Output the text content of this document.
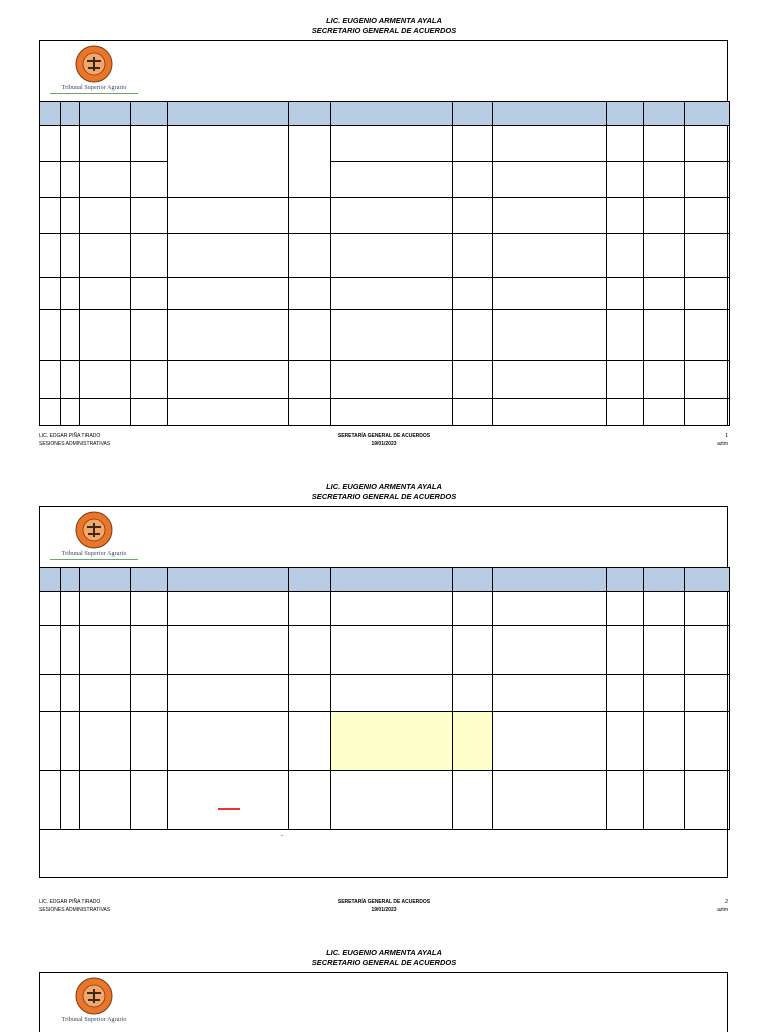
LIC. EUGENIO ARMENTA AYALA
SECRETARIO GENERAL DE ACUERDOS
Tribunal Superior Agrario

LIC. EDGAR PIÑA TIRADO
SESIONES ADMINISTRATIVAS
SERETARÍA GENERAL DE ACUERDOS
19/01/2023
1
aztm
LIC. EUGENIO ARMENTA AYALA
SECRETARIO GENERAL DE ACUERDOS
Tribunal Superior Agrario

-
LIC. EDGAR PIÑA TIRADO
SESIONES ADMINISTRATIVAS
SERETARÍA GENERAL DE ACUERDOS
19/01/2023
2
aztm
LIC. EUGENIO ARMENTA AYALA
SECRETARIO GENERAL DE ACUERDOS
Tribunal Superior Agrario
